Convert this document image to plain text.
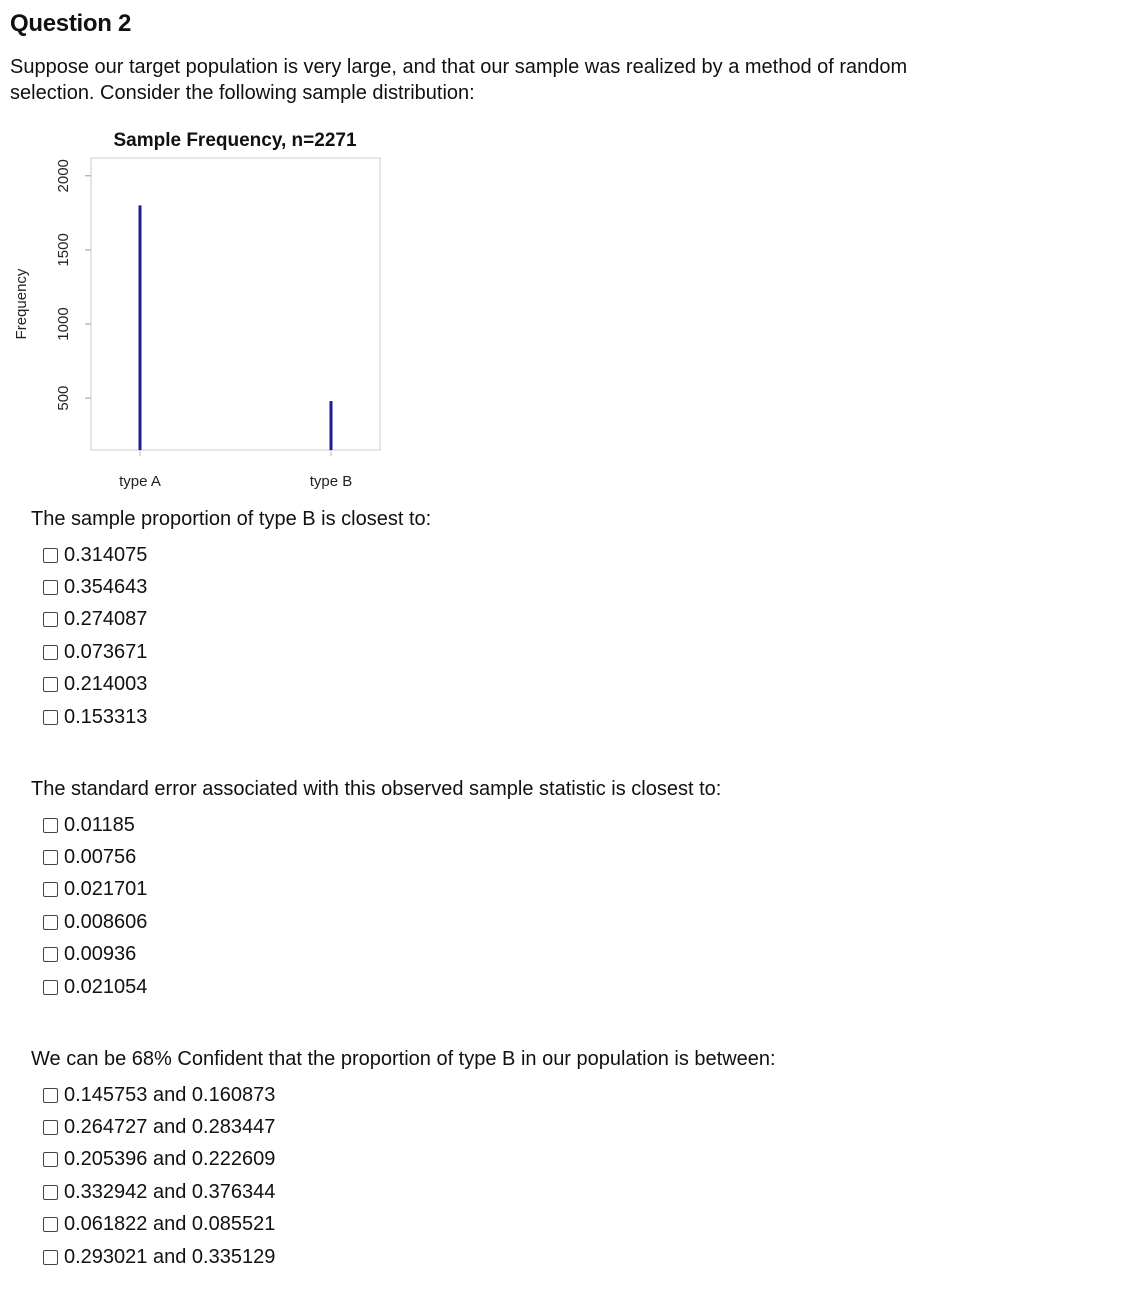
Question 2
Suppose our target population is very large, and that our sample was realized by a method of random selection. Consider the following sample distribution:
Sample Frequency, n=2271
Frequency
500
1000
1500
2000
type A	type B
The sample proportion of type B is closest to:
0.314075
0.354643
0.274087
0.073671
0.214003
0.153313
The standard error associated with this observed sample statistic is closest to:
0.01185
0.00756
0.021701
0.008606
0.00936
0.021054
We can be 68% Confident that the proportion of type B in our population is between:
0.145753 and 0.160873
0.264727 and 0.283447
0.205396 and 0.222609
0.332942 and 0.376344
0.061822 and 0.085521
0.293021 and 0.335129
